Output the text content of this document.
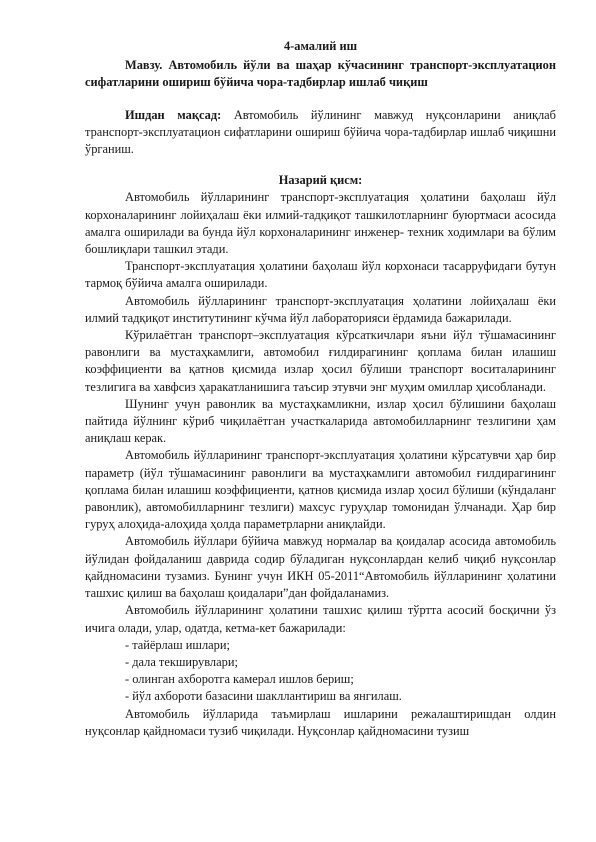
4-амалий иш

Мавзу. Автомобиль йўли ва шаҳар кўчасининг транспорт-эксплуатацион сифатларини ошириш бўйича чора-тадбирлар ишлаб чиқиш

Ишдан мақсад: Автомобиль йўлининг мавжуд нуқсонларини аниқлаб транспорт-эксплуатацион сифатларини ошириш бўйича чора-тадбирлар ишлаб чиқишни ўрганиш.

Назарий қисм:

Автомобиль йўлларининг транспорт-эксплуатация ҳолатини баҳолаш йўл корхоналарининг лойиҳалаш ёки илмий-тадқиқот ташкилотларнинг буюртмаси асосида амалга оширилади ва бунда йўл корхоналарининг инженер- техник ходимлари ва бўлим бошлиқлари ташкил этади.

Транспорт-эксплуатация ҳолатини баҳолаш йўл корхонаси тасарруфидаги бутун тармоқ бўйича амалга оширилади.

Автомобиль йўлларининг транспорт-эксплуатация ҳолатини лойиҳалаш ёки илмий тадқиқот институтининг кўчма йўл лабораторияси ёрдамида бажарилади.

Кўрилаётган транспорт–эксплуатация кўрсаткичлари яъни йўл тўшамасининг равонлиги ва мустаҳкамлиги, автомобил ғилдирагининг қоплама билан илашиш коэффициенти ва қатнов қисмида излар ҳосил бўлиши транспорт воситаларининг тезлигига ва хавфсиз ҳаракатланишига таъсир этувчи энг муҳим омиллар ҳисобланади.

Шунинг учун равонлик ва мустаҳкамликни, излар ҳосил бўлишини баҳолаш пайтида йўлнинг кўриб чиқилаётган участкаларида автомобилларнинг тезлигини ҳам аниқлаш керак.

Автомобиль йўлларининг транспорт-эксплуатация ҳолатини кўрсатувчи ҳар бир параметр (йўл тўшамасининг равонлиги ва мустаҳкамлиги автомобил ғилдирагининг қоплама билан илашиш коэффициенти, қатнов қисмида излар ҳосил бўлиши (кўндаланг равонлик), автомобилларнинг тезлиги) махсус гуруҳлар томонидан ўлчанади. Ҳар бир гуруҳ алоҳида-алоҳида ҳолда параметрларни аниқлайди.

Автомобиль йўллари бўйича мавжуд нормалар ва қоидалар асосида автомобиль йўлидан фойдаланиш даврида содир бўладиган нуқсонлардан келиб чиқиб нуқсонлар қайдномасини тузамиз. Бунинг учун ИКН 05-2011“Автомобиль йўлларининг ҳолатини ташхис қилиш ва баҳолаш қоидалари”дан фойдаланамиз.

Автомобиль йўлларининг ҳолатини ташхис қилиш тўртта асосий босқични ўз ичига олади, улар, одатда, кетма-кет бажарилади:

- тайёрлаш ишлари;
- дала текширувлари;
- олинган ахборотга камерал ишлов бериш;
- йўл ахбороти базасини шакллантириш ва янгилаш.

Автомобиль йўлларида таъмирлаш ишларини режалаштиришдан олдин нуқсонлар қайдномаси тузиб чиқилади. Нуқсонлар қайдномасини тузиш
